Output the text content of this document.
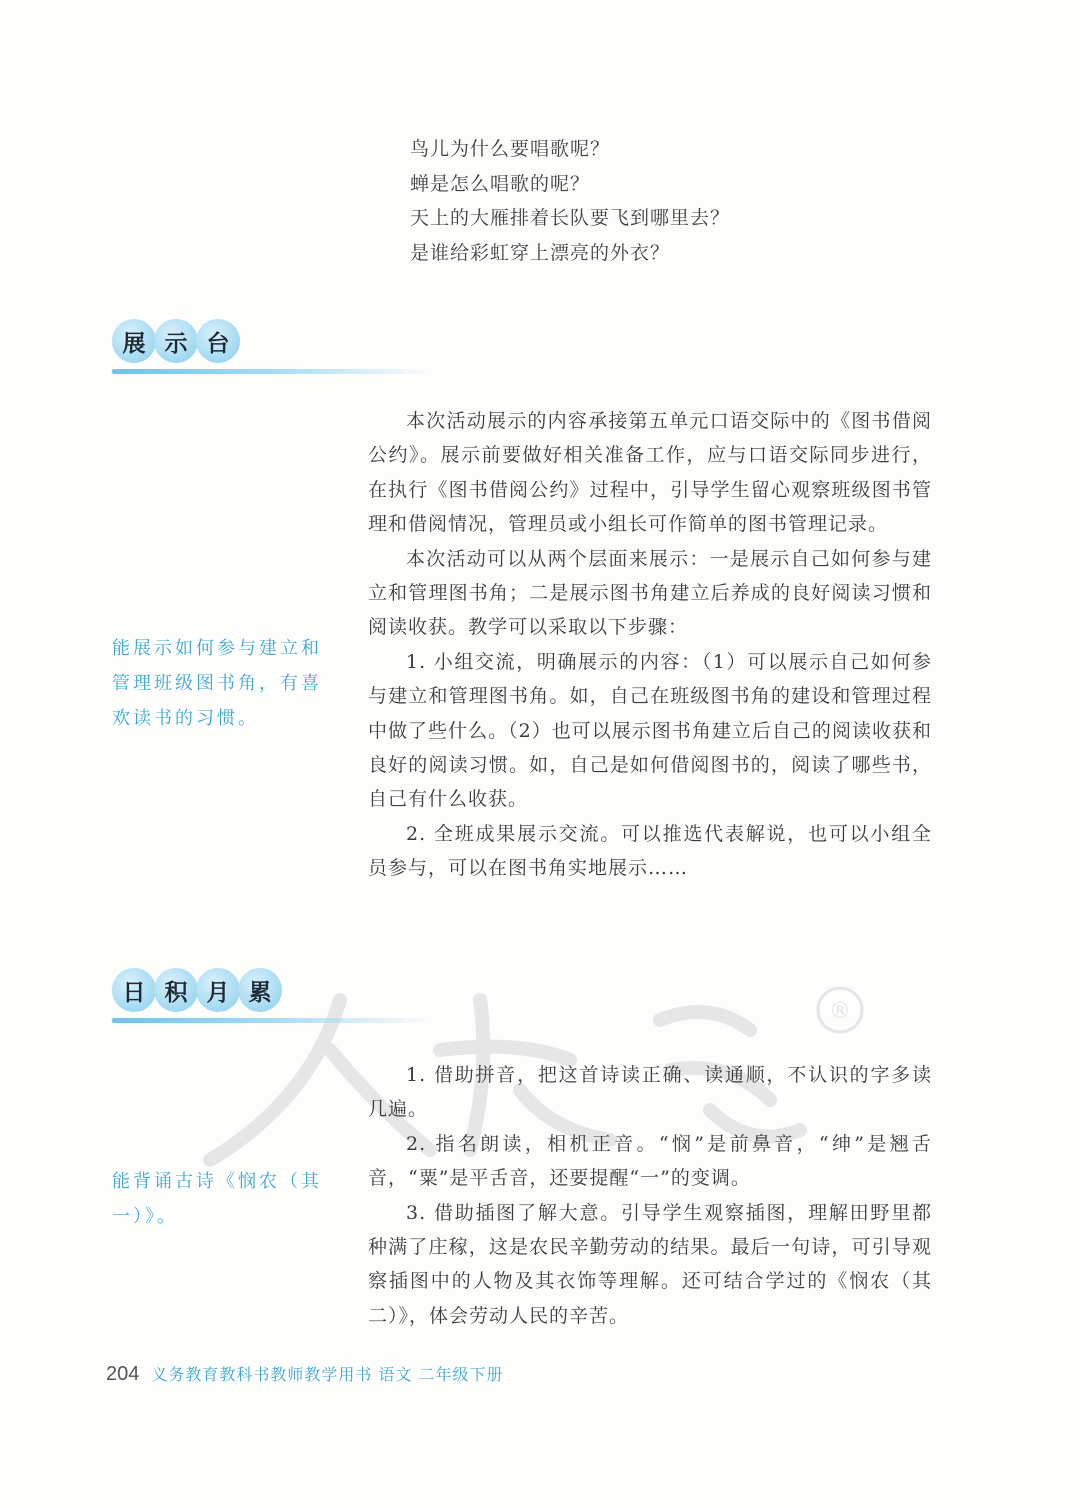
鸟儿为什么要唱歌呢？
蝉是怎么唱歌的呢？
天上的大雁排着长队要飞到哪里去？
是谁给彩虹穿上漂亮的外衣？
展 示 台
能展示如何参与建立和管理班级图书角，有喜欢读书的习惯。

本次活动展示的内容承接第五单元口语交际中的《图书借阅公约》。展示前要做好相关准备工作，应与口语交际同步进行，在执行《图书借阅公约》过程中，引导学生留心观察班级图书管理和借阅情况，管理员或小组长可作简单的图书管理记录。

本次活动可以从两个层面来展示：一是展示自己如何参与建立和管理图书角；二是展示图书角建立后养成的良好阅读习惯和阅读收获。教学可以采取以下步骤：

1. 小组交流，明确展示的内容：（1）可以展示自己如何参与建立和管理图书角。如，自己在班级图书角的建设和管理过程中做了些什么。（2）也可以展示图书角建立后自己的阅读收获和良好的阅读习惯。如，自己是如何借阅图书的，阅读了哪些书，自己有什么收获。

2. 全班成果展示交流。可以推选代表解说，也可以小组全员参与，可以在图书角实地展示……

®
日 积 月 累
能背诵古诗《悯农（其一）》。

1. 借助拼音，把这首诗读正确、读通顺，不认识的字多读几遍。

2. 指名朗读，相机正音。“悯”是前鼻音，“绅”是翘舌音，“粟”是平舌音，还要提醒“一”的变调。

3. 借助插图了解大意。引导学生观察插图，理解田野里都种满了庄稼，这是农民辛勤劳动的结果。最后一句诗，可引导观察插图中的人物及其衣饰等理解。还可结合学过的《悯农（其二）》，体会劳动人民的辛苦。

204 义务教育教科书教师教学用书 语文 二年级下册
